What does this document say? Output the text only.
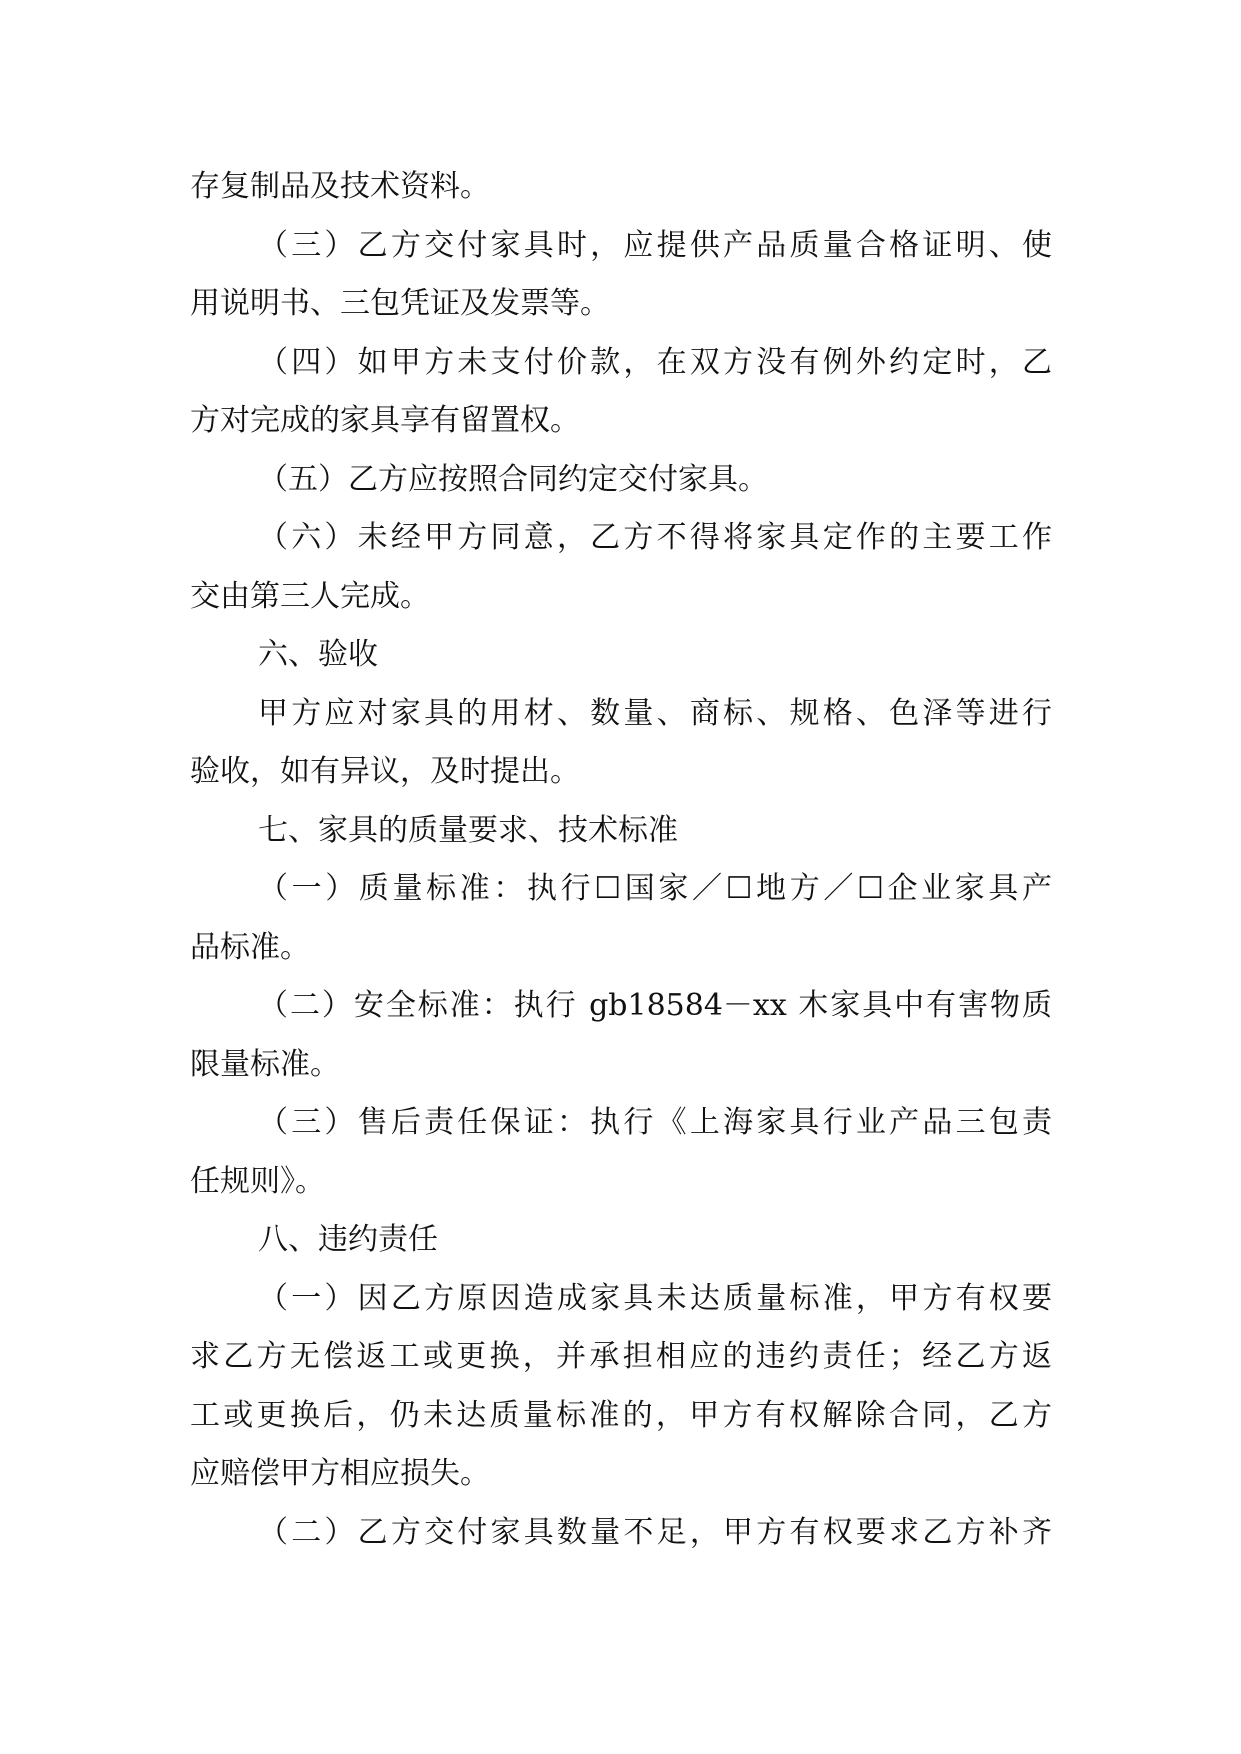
存复制品及技术资料。
（三）乙方交付家具时，应提供产品质量合格证明、使
用说明书、三包凭证及发票等。
（四）如甲方未支付价款，在双方没有例外约定时，乙
方对完成的家具享有留置权。
（五）乙方应按照合同约定交付家具。
（六）未经甲方同意，乙方不得将家具定作的主要工作
交由第三人完成。
六、验收
甲方应对家具的用材、数量、商标、规格、色泽等进行
验收，如有异议，及时提出。
七、家具的质量要求、技术标准
（一）质量标准：执行☐国家／☐地方／☐企业家具产
品标准。
（二）安全标准：执行 gb18584－xx 木家具中有害物质
限量标准。
（三）售后责任保证：执行《上海家具行业产品三包责
任规则》。
八、违约责任
（一）因乙方原因造成家具未达质量标准，甲方有权要
求乙方无偿返工或更换，并承担相应的违约责任；经乙方返
工或更换后，仍未达质量标准的，甲方有权解除合同，乙方
应赔偿甲方相应损失。
（二）乙方交付家具数量不足，甲方有权要求乙方补齐
